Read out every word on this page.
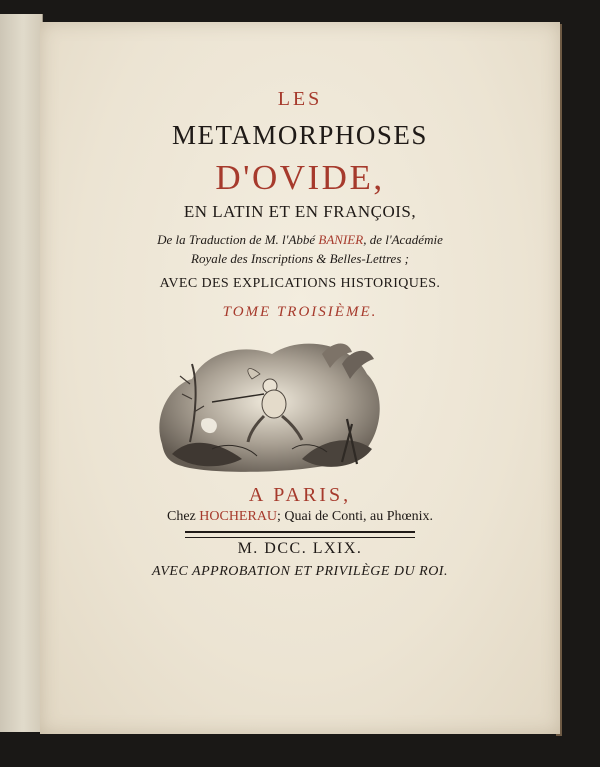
LES
METAMORPHOSES
D'OVIDE,
EN LATIN ET EN FRANÇOIS,
De la Traduction de M. l'Abbé BANIER, de l'Académie
Royale des Inscriptions & Belles-Lettres ;
AVEC DES EXPLICATIONS HISTORIQUES.
TOME TROISIÈME.
A PARIS,
Chez HOCHERAU; Quai de Conti, au Phœnix.
M. DCC. LXIX.
AVEC APPROBATION ET PRIVILÈGE DU ROI.
